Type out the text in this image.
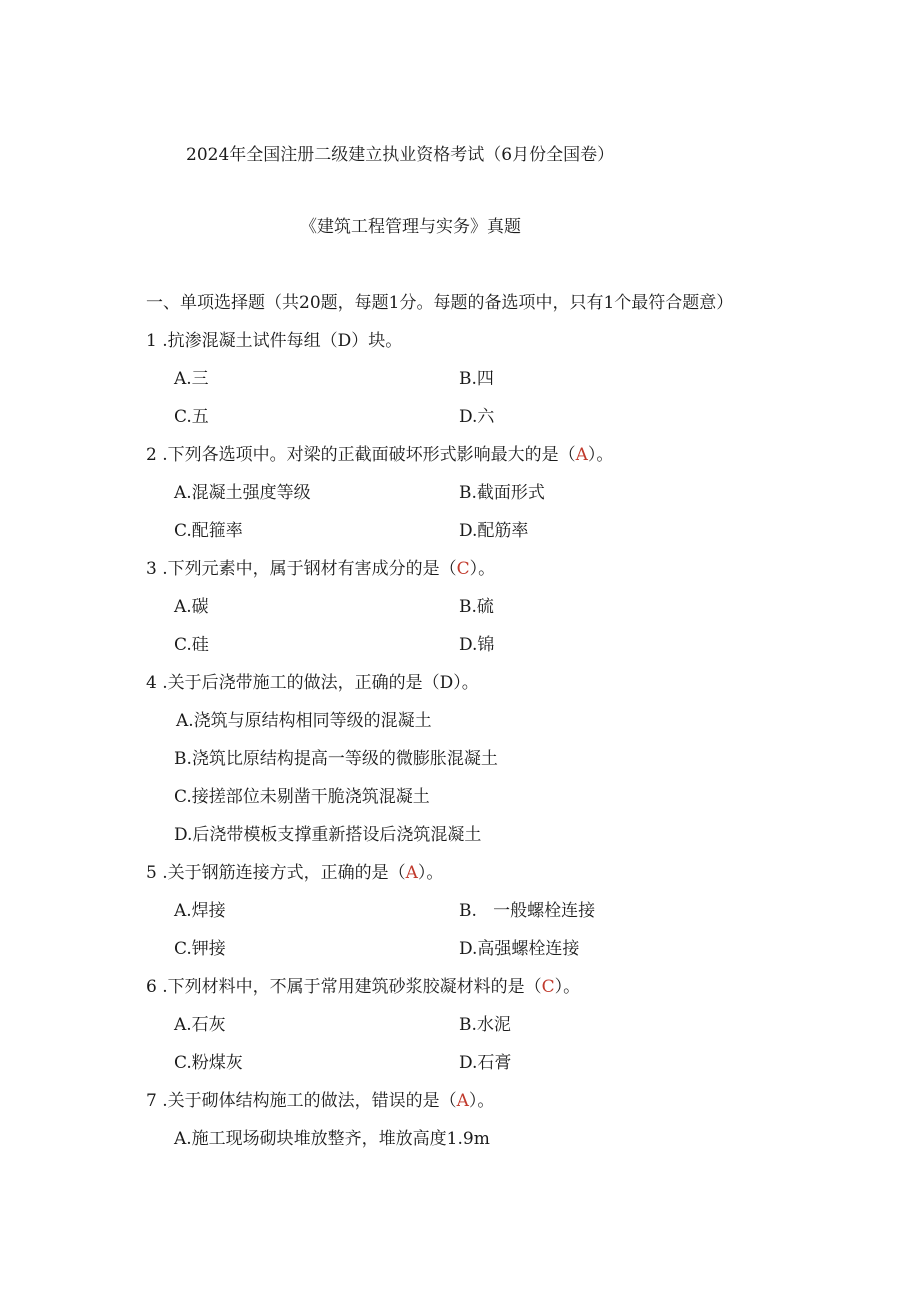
2024年全国注册二级建立执业资格考试（6月份全国卷）
《建筑工程管理与实务》真题
一、单项选择题（共20题，每题1分。每题的备选项中，只有1个最符合题意）
1 .抗渗混凝土试件每组（D）块。
A.三	B.四
C.五	D.六
2 .下列各选项中。对梁的正截面破坏形式影响最大的是（A）。
A.混凝土强度等级	B.截面形式
C.配箍率	D.配筋率
3 .下列元素中，属于钢材有害成分的是（C）。
A.碳	B.硫
C.硅	D.锦
4 .关于后浇带施工的做法，正确的是（D）。
A.浇筑与原结构相同等级的混凝土
B.浇筑比原结构提高一等级的微膨胀混凝土
C.接搓部位未剔凿干脆浇筑混凝土
D.后浇带模板支撑重新搭设后浇筑混凝土
5 .关于钢筋连接方式，正确的是（A）。
A.焊接	B.   一般螺栓连接
C.钾接	D.高强螺栓连接
6 .下列材料中，不属于常用建筑砂浆胶凝材料的是（C）。
A.石灰	B.水泥
C.粉煤灰	D.石膏
7 .关于砌体结构施工的做法，错误的是（A）。
A.施工现场砌块堆放整齐，堆放高度1.9m
